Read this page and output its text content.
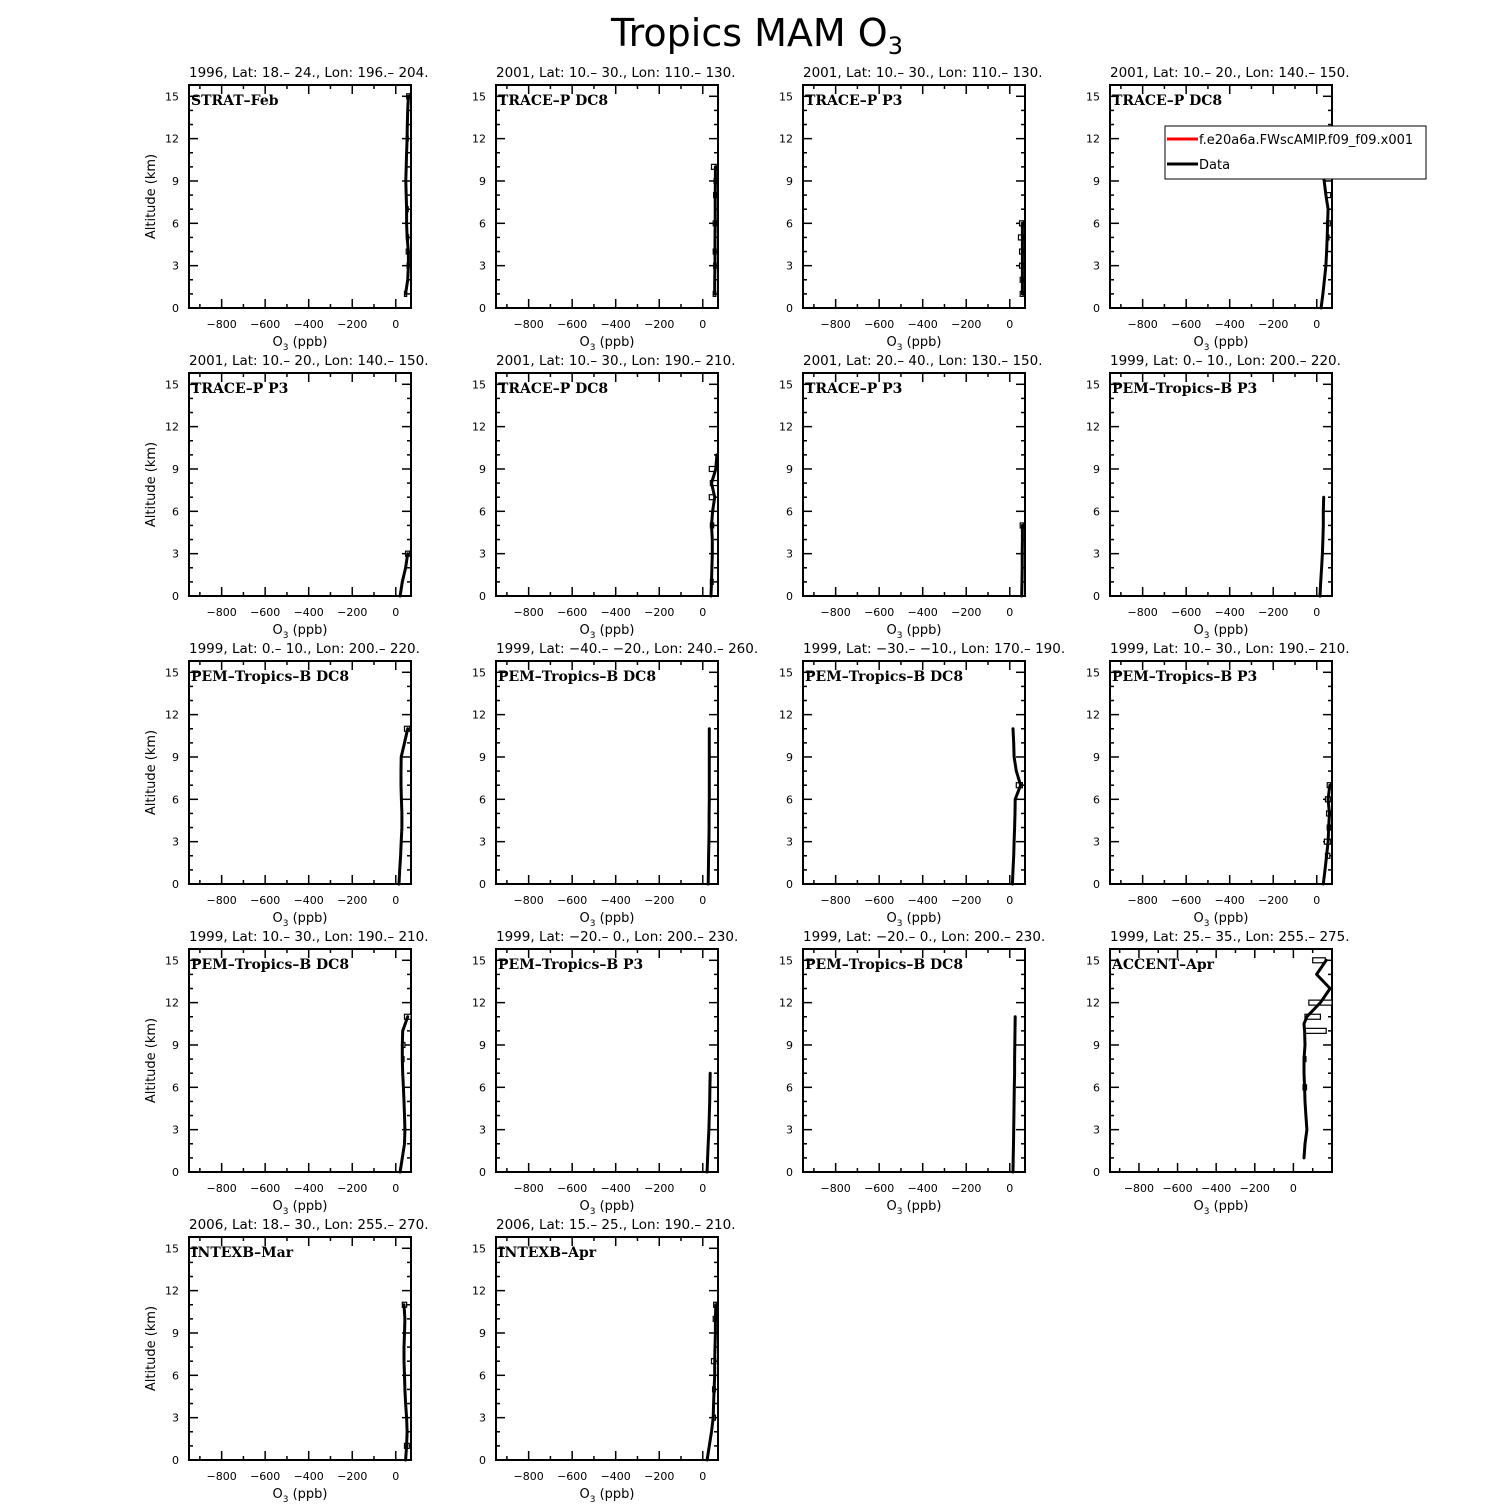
Tropics MAM $O_3$
1996, Lat: 18.– 24., Lon: 196.– 204.
STRAT–Feb
0
3
6
9
12
15
−800 −600 −400 −200 0
$O_3$ (ppb)
Altitude (km)
2001, Lat: 10.– 30., Lon: 110.– 130.
TRACE–P DC8
0
3
6
9
12
15
−800 −600 −400 −200 0
$O_3$ (ppb)
2001, Lat: 10.– 30., Lon: 110.– 130.
TRACE–P P3
0
3
6
9
12
15
−800 −600 −400 −200 0
$O_3$ (ppb)
2001, Lat: 10.– 20., Lon: 140.– 150.
TRACE–P DC8
0
3
6
9
12
15
−800 −600 −400 −200 0
$O_3$ (ppb)
2001, Lat: 10.– 20., Lon: 140.– 150.
TRACE–P P3
0
3
6
9
12
15
−800 −600 −400 −200 0
$O_3$ (ppb)
Altitude (km)
2001, Lat: 10.– 30., Lon: 190.– 210.
TRACE–P DC8
0
3
6
9
12
15
−800 −600 −400 −200 0
$O_3$ (ppb)
2001, Lat: 20.– 40., Lon: 130.– 150.
TRACE–P P3
0
3
6
9
12
15
−800 −600 −400 −200 0
$O_3$ (ppb)
1999, Lat: 0.– 10., Lon: 200.– 220.
PEM–Tropics–B P3
0
3
6
9
12
15
−800 −600 −400 −200 0
$O_3$ (ppb)
1999, Lat: 0.– 10., Lon: 200.– 220.
PEM–Tropics–B DC8
0
3
6
9
12
15
−800 −600 −400 −200 0
$O_3$ (ppb)
Altitude (km)
1999, Lat: −40.– −20., Lon: 240.– 260.
PEM–Tropics–B DC8
0
3
6
9
12
15
−800 −600 −400 −200 0
$O_3$ (ppb)
1999, Lat: −30.– −10., Lon: 170.– 190.
PEM–Tropics–B DC8
0
3
6
9
12
15
−800 −600 −400 −200 0
$O_3$ (ppb)
1999, Lat: 10.– 30., Lon: 190.– 210.
PEM–Tropics–B P3
0
3
6
9
12
15
−800 −600 −400 −200 0
$O_3$ (ppb)
1999, Lat: 10.– 30., Lon: 190.– 210.
PEM–Tropics–B DC8
0
3
6
9
12
15
−800 −600 −400 −200 0
$O_3$ (ppb)
Altitude (km)
1999, Lat: −20.– 0., Lon: 200.– 230.
PEM–Tropics–B P3
0
3
6
9
12
15
−800 −600 −400 −200 0
$O_3$ (ppb)
1999, Lat: −20.– 0., Lon: 200.– 230.
PEM–Tropics–B DC8
0
3
6
9
12
15
−800 −600 −400 −200 0
$O_3$ (ppb)
1999, Lat: 25.– 35., Lon: 255.– 275.
ACCENT–Apr
0
3
6
9
12
15
−800 −600 −400 −200 0
$O_3$ (ppb)
2006, Lat: 18.– 30., Lon: 255.– 270.
INTEXB–Mar
0
3
6
9
12
15
−800 −600 −400 −200 0
$O_3$ (ppb)
Altitude (km)
2006, Lat: 15.– 25., Lon: 190.– 210.
INTEXB–Apr
0
3
6
9
12
15
−800 −600 −400 −200 0
$O_3$ (ppb)
f.e20a6a.FWscAMIP.f09_f09.x001
Data
